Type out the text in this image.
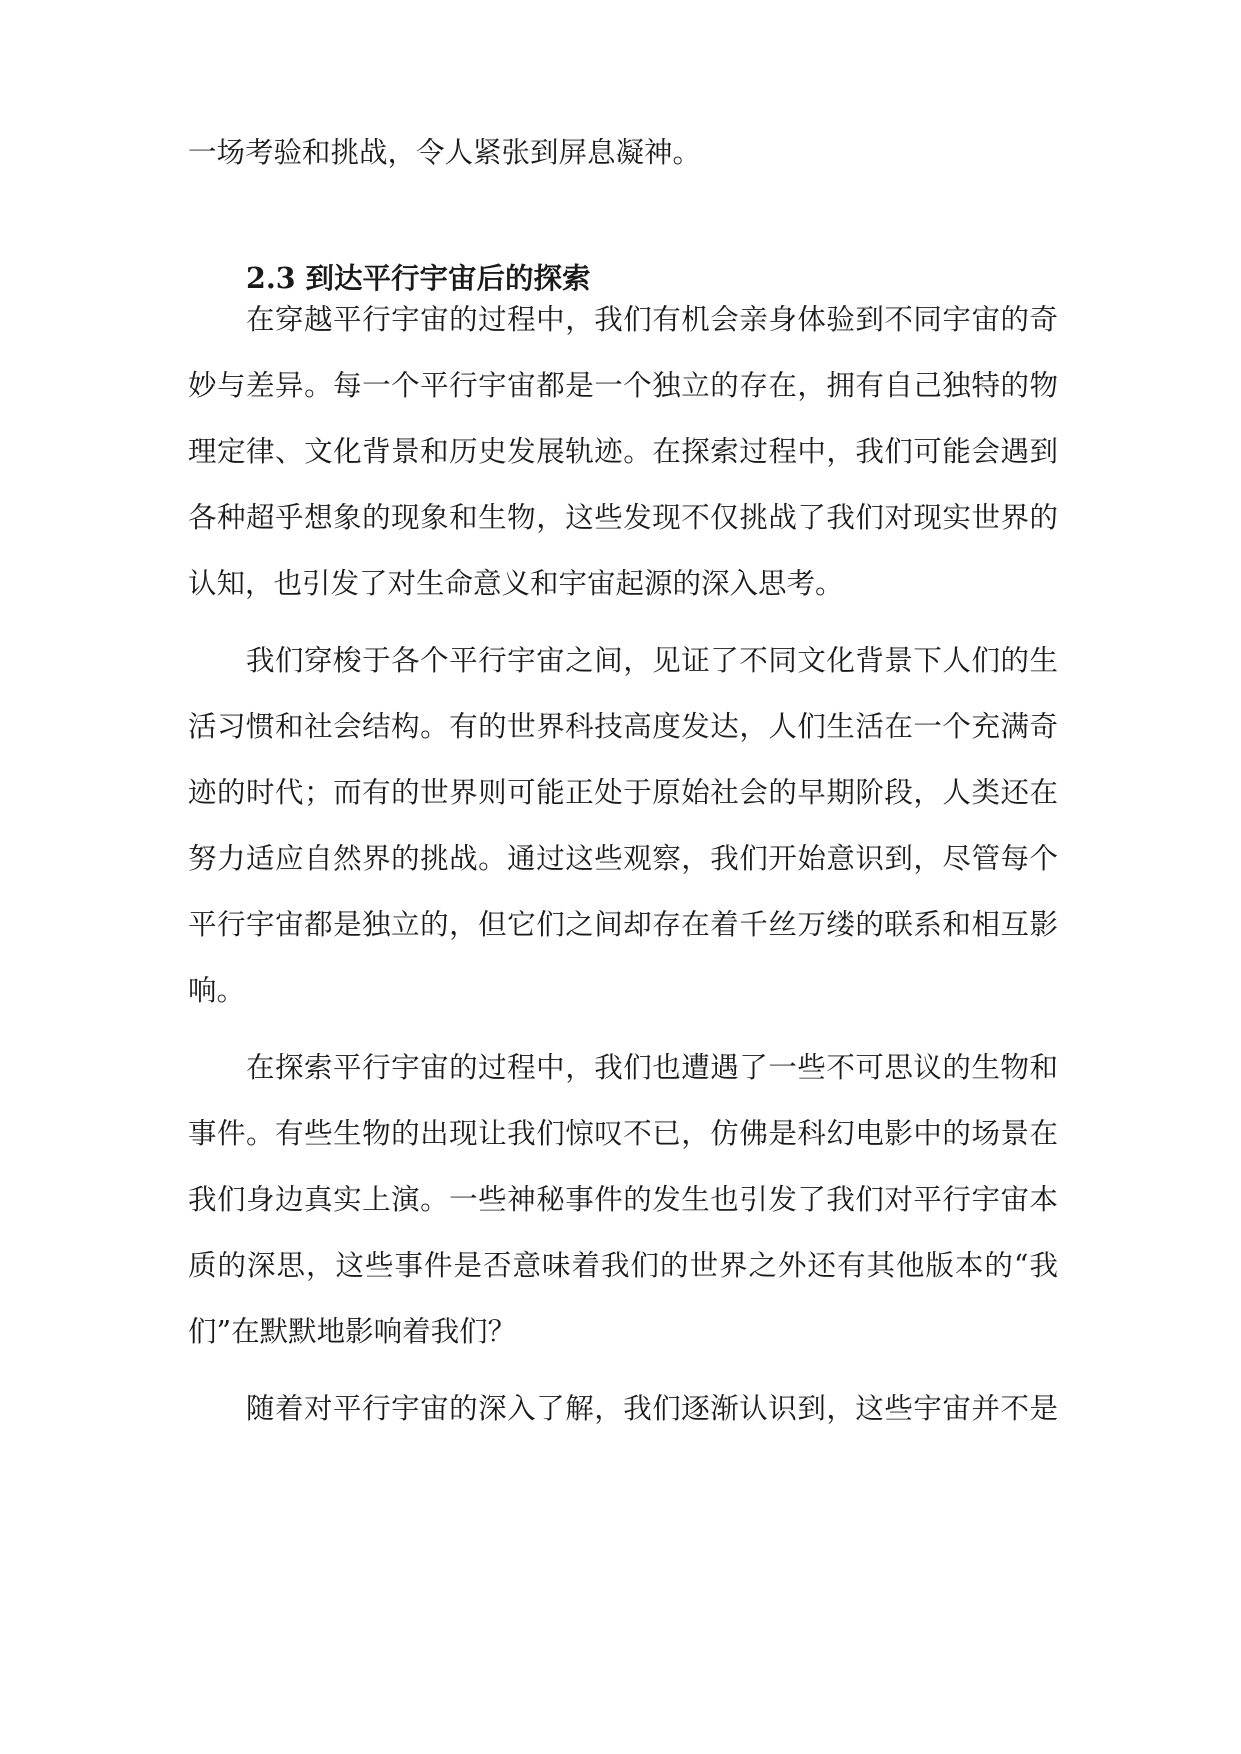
一场考验和挑战，令人紧张到屏息凝神。
2.3 到达平行宇宙后的探索
在穿越平行宇宙的过程中，我们有机会亲身体验到不同宇宙的奇
妙与差异。每一个平行宇宙都是一个独立的存在，拥有自己独特的物
理定律、文化背景和历史发展轨迹。在探索过程中，我们可能会遇到
各种超乎想象的现象和生物，这些发现不仅挑战了我们对现实世界的
认知，也引发了对生命意义和宇宙起源的深入思考。
我们穿梭于各个平行宇宙之间，见证了不同文化背景下人们的生
活习惯和社会结构。有的世界科技高度发达，人们生活在一个充满奇
迹的时代；而有的世界则可能正处于原始社会的早期阶段，人类还在
努力适应自然界的挑战。通过这些观察，我们开始意识到，尽管每个
平行宇宙都是独立的，但它们之间却存在着千丝万缕的联系和相互影
响。
在探索平行宇宙的过程中，我们也遭遇了一些不可思议的生物和
事件。有些生物的出现让我们惊叹不已，仿佛是科幻电影中的场景在
我们身边真实上演。一些神秘事件的发生也引发了我们对平行宇宙本
质的深思，这些事件是否意味着我们的世界之外还有其他版本的“我
们”在默默地影响着我们？
随着对平行宇宙的深入了解，我们逐渐认识到，这些宇宙并不是
